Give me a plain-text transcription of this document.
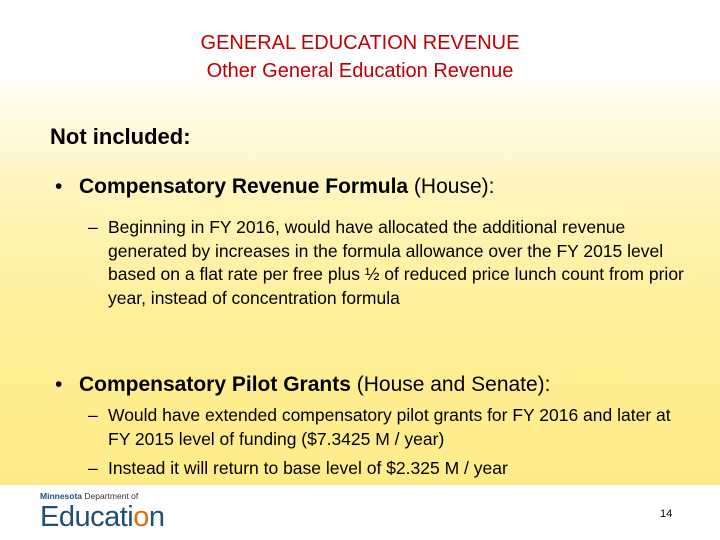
GENERAL EDUCATION REVENUE
Other General Education Revenue
Not included:
• Compensatory Revenue Formula (House):
– Beginning in FY 2016, would have allocated the additional revenue generated by increases in the formula allowance over the FY 2015 level based on a flat rate per free plus ½ of reduced price lunch count from prior year, instead of concentration formula
• Compensatory Pilot Grants (House and Senate):
– Would have extended compensatory pilot grants for FY 2016 and later at FY 2015 level of funding ($7.3425 M / year)
– Instead it will return to base level of $2.325 M / year
Minnesota Department of
Education	14
